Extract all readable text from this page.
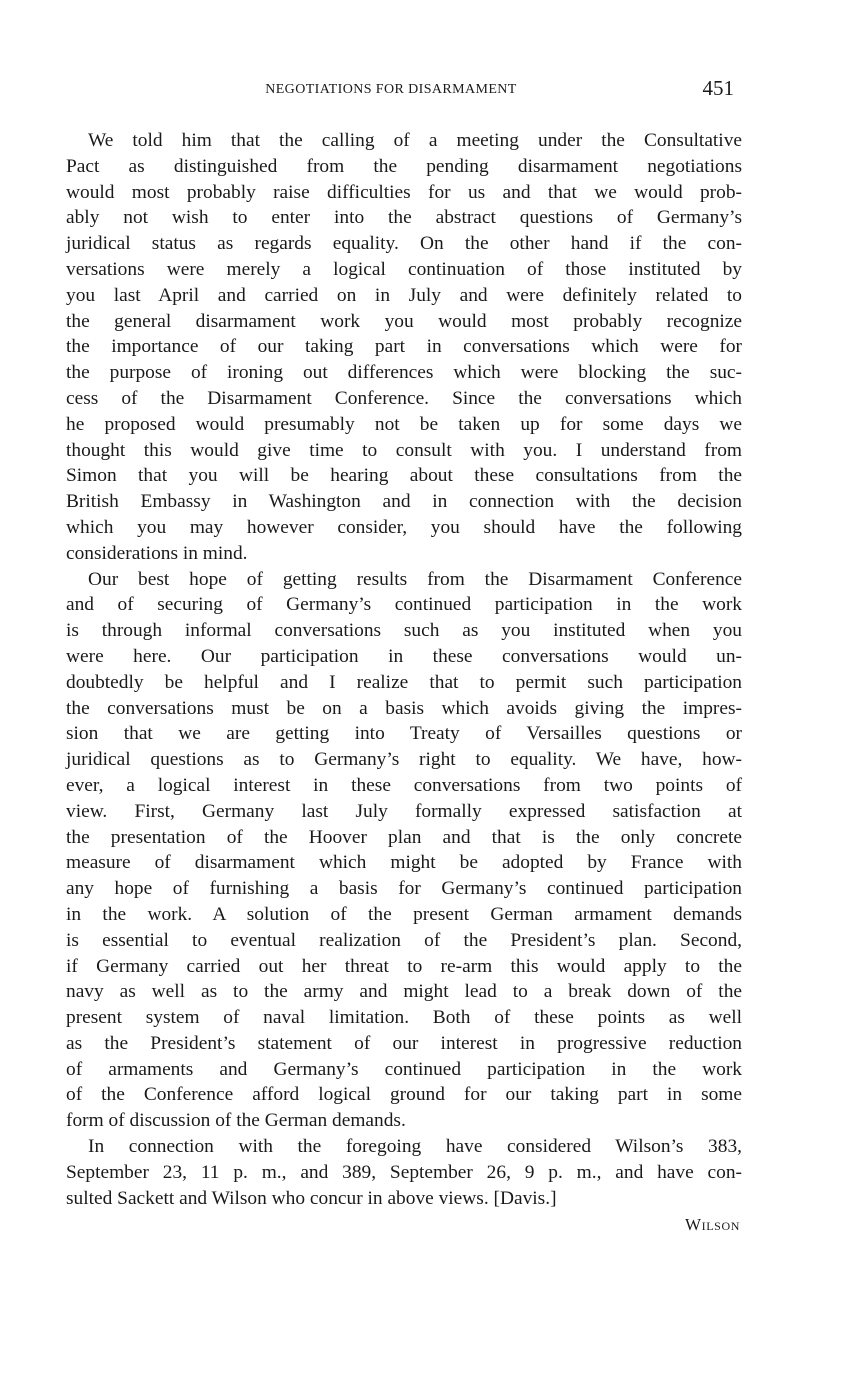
NEGOTIATIONS FOR DISARMAMENT	451

We told him that the calling of a meeting under the Consultative
Pact as distinguished from the pending disarmament negotiations
would most probably raise difficulties for us and that we would prob-
ably not wish to enter into the abstract questions of Germany’s
juridical status as regards equality. On the other hand if the con-
versations were merely a logical continuation of those instituted by
you last April and carried on in July and were definitely related to
the general disarmament work you would most probably recognize
the importance of our taking part in conversations which were for
the purpose of ironing out differences which were blocking the suc-
cess of the Disarmament Conference. Since the conversations which
he proposed would presumably not be taken up for some days we
thought this would give time to consult with you. I understand from
Simon that you will be hearing about these consultations from the
British Embassy in Washington and in connection with the decision
which you may however consider, you should have the following
considerations in mind.

Our best hope of getting results from the Disarmament Conference
and of securing of Germany’s continued participation in the work
is through informal conversations such as you instituted when you
were here. Our participation in these conversations would un-
doubtedly be helpful and I realize that to permit such participation
the conversations must be on a basis which avoids giving the impres-
sion that we are getting into Treaty of Versailles questions or
juridical questions as to Germany’s right to equality. We have, how-
ever, a logical interest in these conversations from two points of
view. First, Germany last July formally expressed satisfaction at
the presentation of the Hoover plan and that is the only concrete
measure of disarmament which might be adopted by France with
any hope of furnishing a basis for Germany’s continued participation
in the work. A solution of the present German armament demands
is essential to eventual realization of the President’s plan. Second,
if Germany carried out her threat to re-arm this would apply to the
navy as well as to the army and might lead to a break down of the
present system of naval limitation. Both of these points as well
as the President’s statement of our interest in progressive reduction
of armaments and Germany’s continued participation in the work
of the Conference afford logical ground for our taking part in some
form of discussion of the German demands.

In connection with the foregoing have considered Wilson’s 383,
September 23, 11 p. m., and 389, September 26, 9 p. m., and have con-
sulted Sackett and Wilson who concur in above views. [Davis.]

Wilson
